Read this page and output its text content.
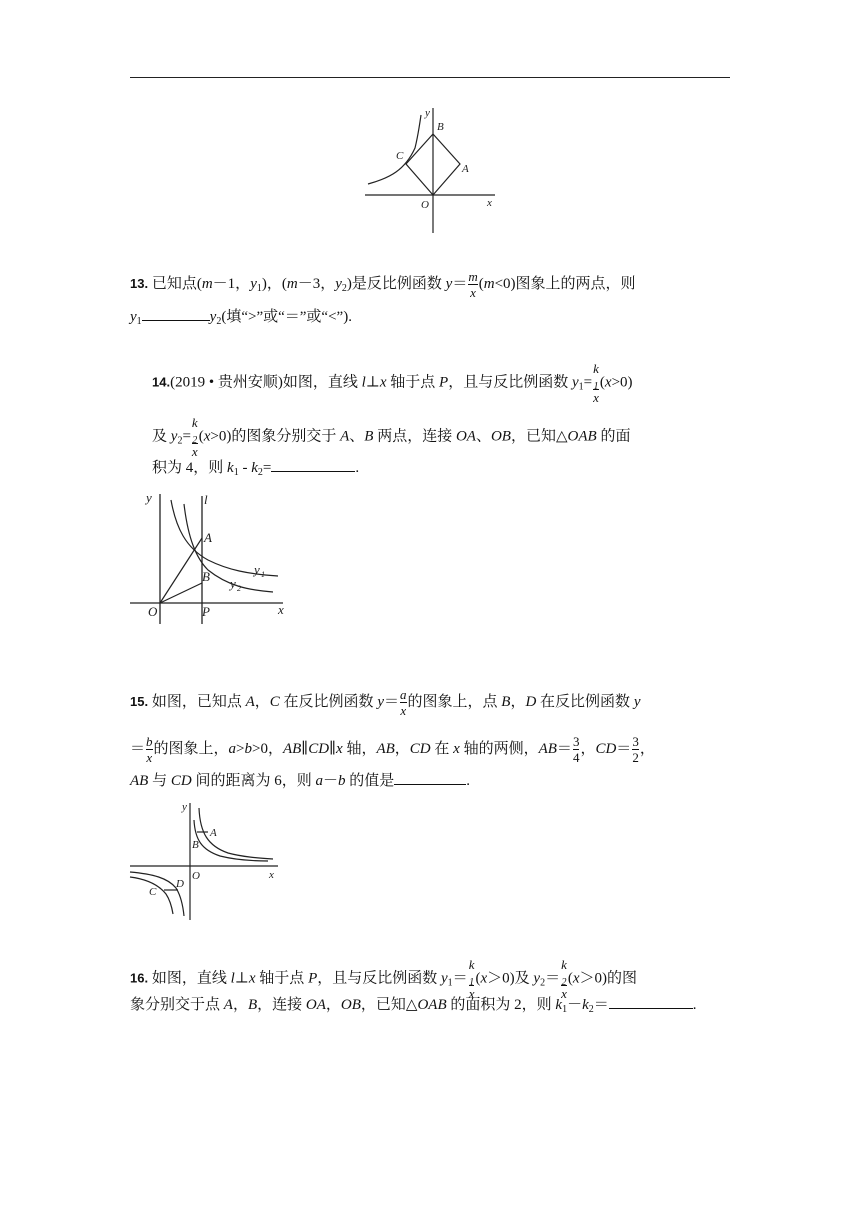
y
B
C
A
O	x
13. 已知点(m－1，$y_1$)，(m－3，$y_2$)是反比例函数 $y= \frac{m}{x} (m<0)$图象上的两点，则
$y_1$	$y_2$(填“>”或“＝”或“<”).
14.(2019 • 贵州安顺)如图，直线 l⊥x 轴于点 P，且与反比例函数 $y_1= k$
$_1$
x (x>0)
及 $y_2= k$
$_2$
x (x>0)的图象分别交于 A、B 两点，连接 OA、OB，已知△OAB 的面
积为 4，则 $k_1 - k_2=$	.
y	l
A
B	y 1
y 2
O	P	x
15. 如图，已知点 A，C 在反比例函数 $y= \frac{a}{x}$ 的图象上，点 B，D 在反比例函数 y
＝ $\frac{b}{x}$ 的图象上，a>b>0，AB∥CD∥x 轴，AB，CD 在 x 轴的两侧，$AB= \frac{3}{4}$ ，$CD= \frac{3}{2}$ ，
AB 与 CD 间的距离为 6，则 a－b 的值是	.
y
A
B
O	x
C
D
16. 如图，直线 l⊥x 轴于点 P，且与反比例函数 $y_1= k$
$_1$
x (x＞0)及 $y_2= k$
$_2$
x (x＞0)的图
象分别交于点 A，B，连接 OA，OB，已知△OAB 的面积为 2，则 $k_1-k_2=$	.
